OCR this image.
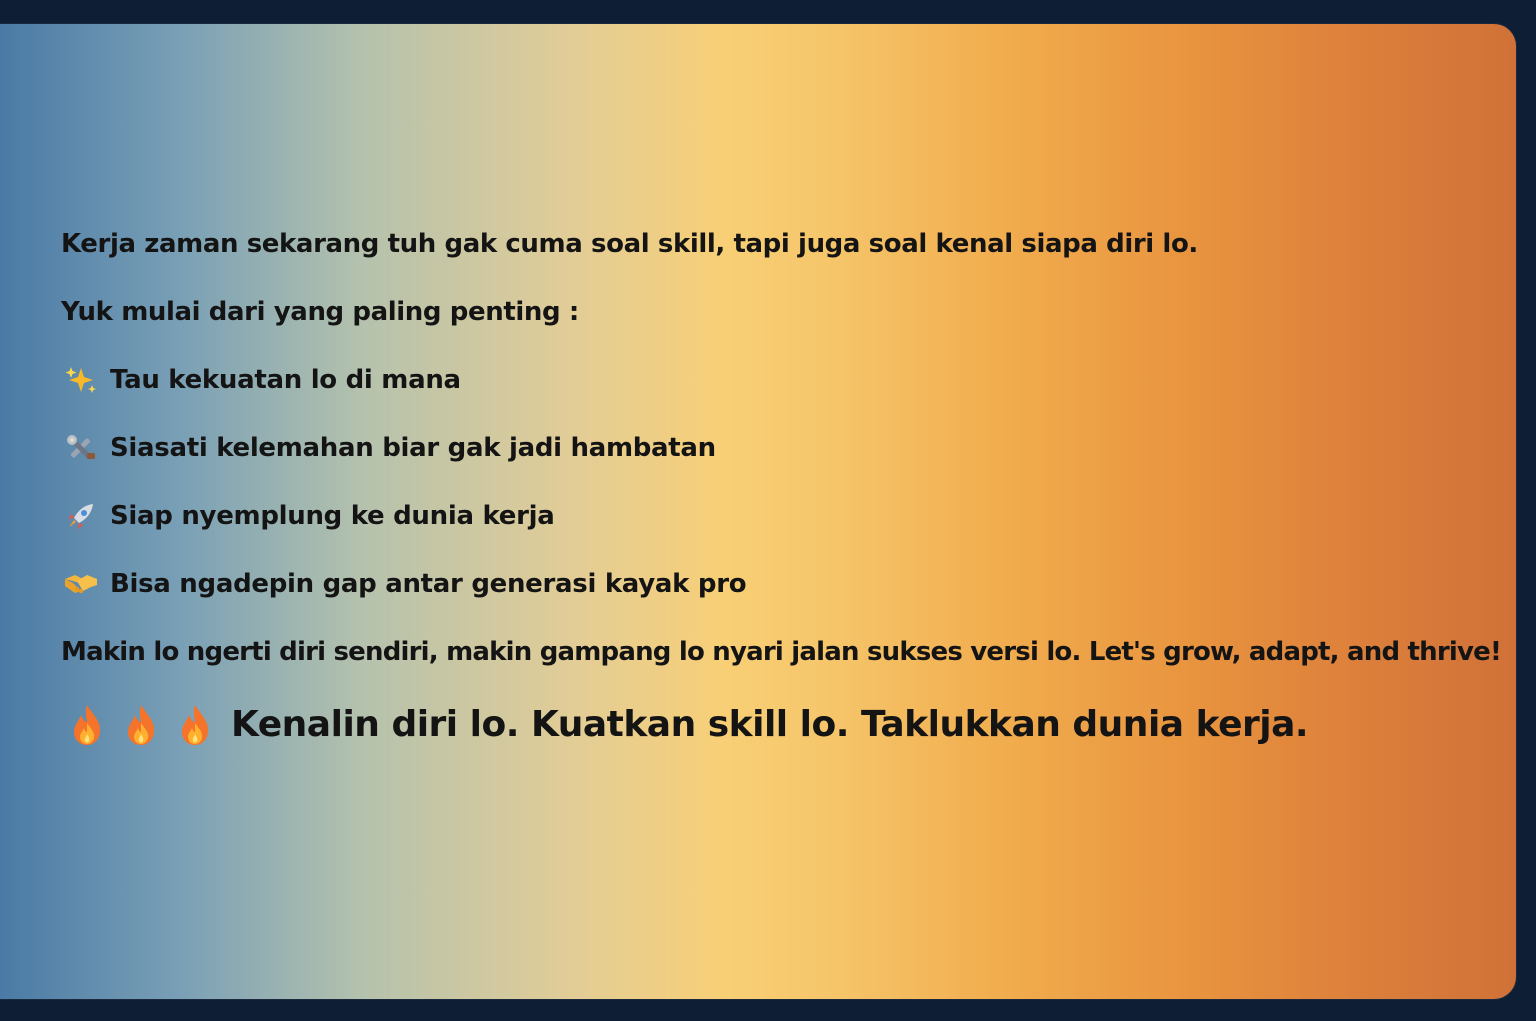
Kerja zaman sekarang tuh gak cuma soal skill, tapi juga soal kenal siapa diri lo.

Yuk mulai dari yang paling penting :

Tau kekuatan lo di mana
Siasati kelemahan biar gak jadi hambatan
Siap nyemplung ke dunia kerja
Bisa ngadepin gap antar generasi kayak pro

Makin lo ngerti diri sendiri, makin gampang lo nyari jalan sukses versi lo. Let's grow, adapt, and thrive!

Kenalin diri lo. Kuatkan skill lo. Taklukkan dunia kerja.
